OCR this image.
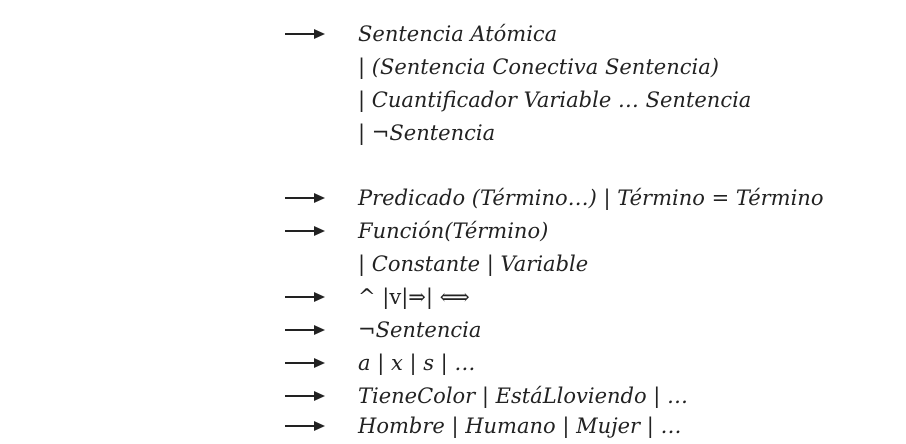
Sentencia Atómica
| (Sentencia Conectiva Sentencia)
| Cuantificador Variable … Sentencia
| ¬Sentencia
Predicado (Término…) | Término = Término
Función(Término)
| Constante | Variable
^ |v|⇒| ⟺
¬Sentencia
a | x | s | …
TieneColor | EstáLloviendo | …
Hombre | Humano | Mujer | …
